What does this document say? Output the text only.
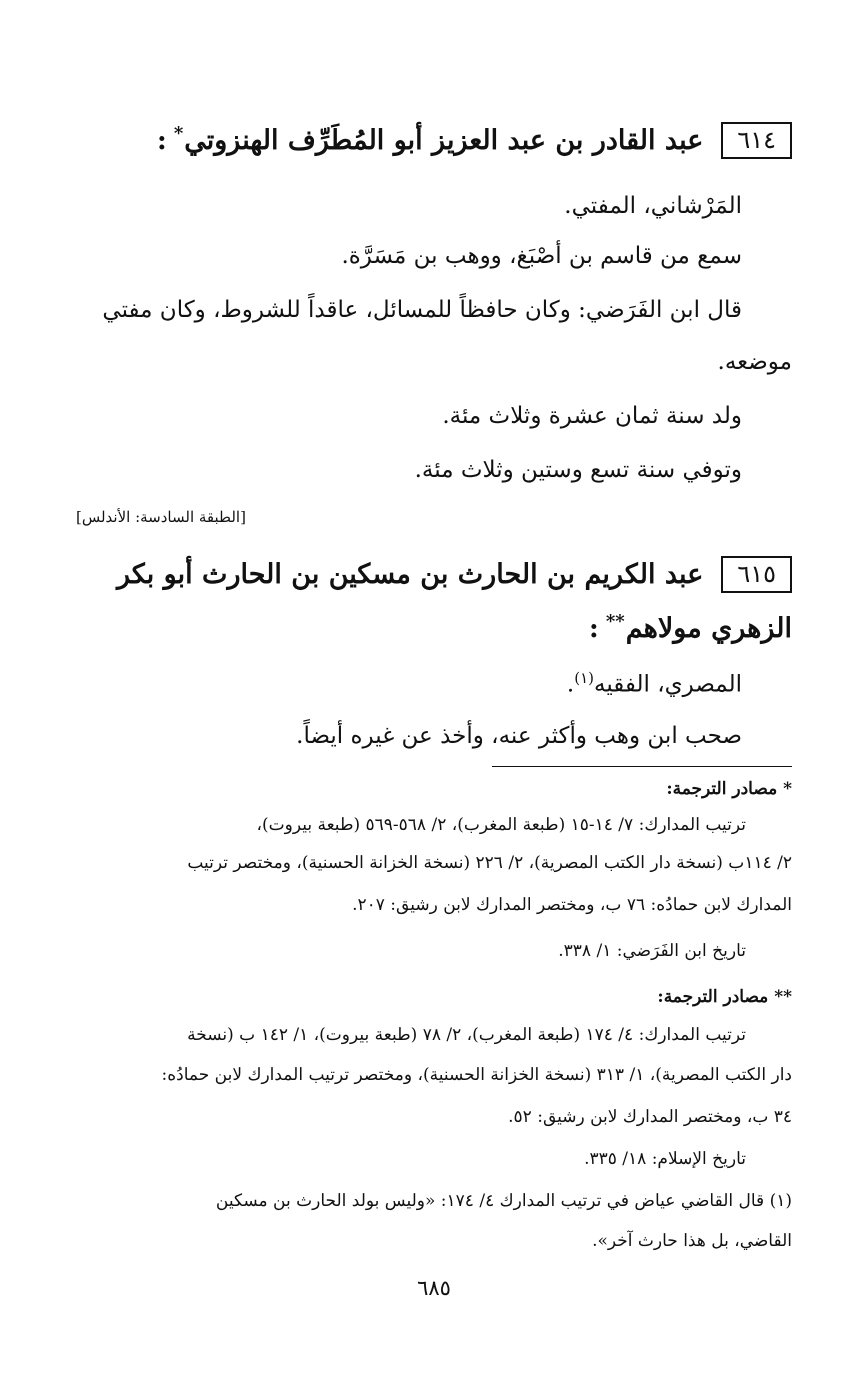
٦١٤
عبد القادر بن عبد العزيز أبو المُطَرِّف الهنزوتي*:
المَرْشاني، المفتي.
سمع من قاسم بن أصْبَغ، ووهب بن مَسَرَّة.
قال ابن الفَرَضي: وكان حافظاً للمسائل، عاقداً للشروط، وكان مفتي
موضعه.
ولد سنة ثمان عشرة وثلاث مئة.
وتوفي سنة تسع وستين وثلاث مئة.
[الطبقة السادسة: الأندلس]
٦١٥
عبد الكريم بن الحارث بن مسكين بن الحارث أبو بكر
الزهري مولاهم**:
المصري، الفقيه$^{(١)}$.
صحب ابن وهب وأكثر عنه، وأخذ عن غيره أيضاً.
* مصادر الترجمة:
ترتيب المدارك: ٧/ ١٤-١٥ (طبعة المغرب)، ٢/ ٥٦٨-٥٦٩ (طبعة بيروت)،
٢/ ١١٤ب (نسخة دار الكتب المصرية)، ٢/ ٢٢٦ (نسخة الخزانة الحسنية)، ومختصر ترتيب
المدارك لابن حمادُه: ٧٦ ب، ومختصر المدارك لابن رشيق: ٢٠٧.
تاريخ ابن الفَرَضي: ١/ ٣٣٨.
** مصادر الترجمة:
ترتيب المدارك: ٤/ ١٧٤ (طبعة المغرب)، ٢/ ٧٨ (طبعة بيروت)، ١/ ١٤٢ ب (نسخة
دار الكتب المصرية)، ١/ ٣١٣ (نسخة الخزانة الحسنية)، ومختصر ترتيب المدارك لابن حمادُه:
٣٤ ب، ومختصر المدارك لابن رشيق: ٥٢.
تاريخ الإسلام: ١٨/ ٣٣٥.
(١) قال القاضي عياض في ترتيب المدارك ٤/ ١٧٤: «وليس بولد الحارث بن مسكين
القاضي، بل هذا حارث آخر».
٦٨٥
